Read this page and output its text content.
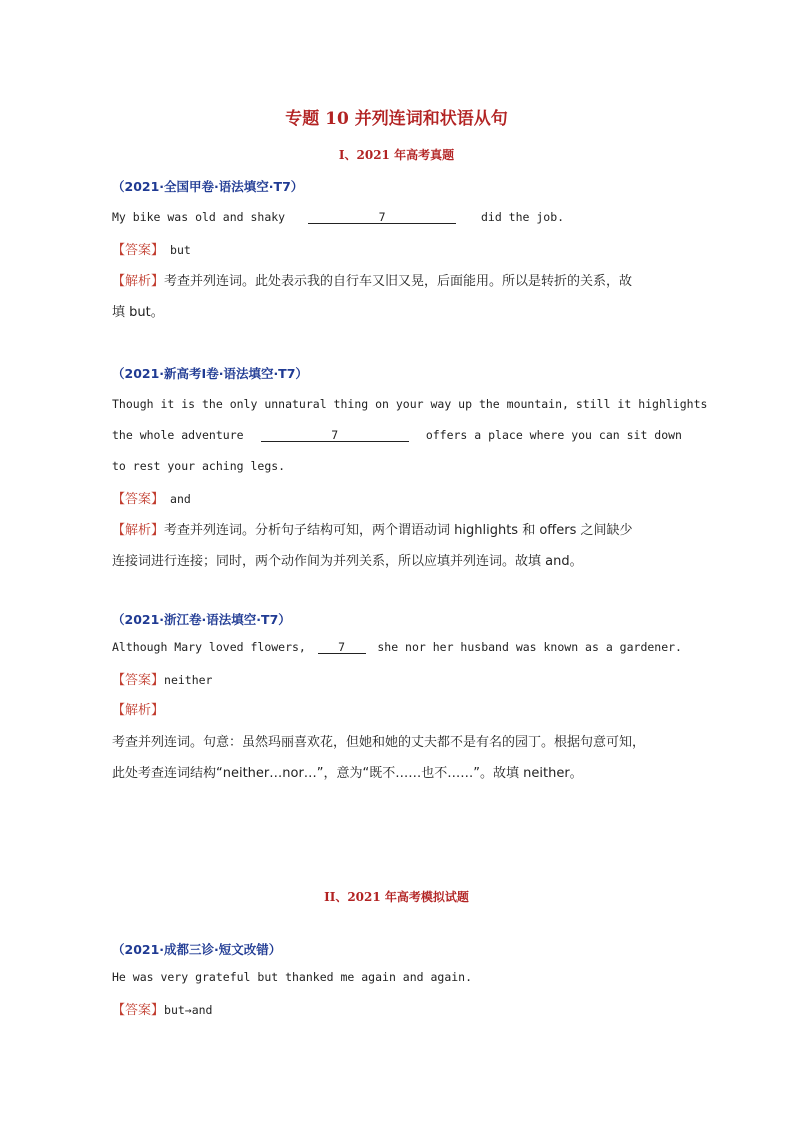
专题 10 并列连词和状语从句
I、2021 年高考真题
（2021·全国甲卷·语法填空·T7）
My bike was old and shaky	7	did the job.
【答案】 but
【解析】考查并列连词。此处表示我的自行车又旧又晃，后面能用。所以是转折的关系，故
填 but。
（2021·新高考Ⅰ卷·语法填空·T7）
Though it is the only unnatural thing on your way up the mountain, still it highlights
the whole adventure	7	offers a place where you can sit down
to rest your aching legs.
【答案】 and
【解析】考查并列连词。分析句子结构可知，两个谓语动词 highlights 和 offers 之间缺少
连接词进行连接；同时，两个动作间为并列关系，所以应填并列连词。故填 and。
（2021·浙江卷·语法填空·T7）
Although Mary loved flowers,	7	she nor her husband was known as a gardener.
【答案】neither
【解析】
考查并列连词。句意：虽然玛丽喜欢花，但她和她的丈夫都不是有名的园丁。根据句意可知，
此处考查连词结构“neither…nor…”，意为“既不……也不……”。故填 neither。
II、2021 年高考模拟试题
（2021·成都三诊·短文改错）
He was very grateful but thanked me again and again.
【答案】but→and
